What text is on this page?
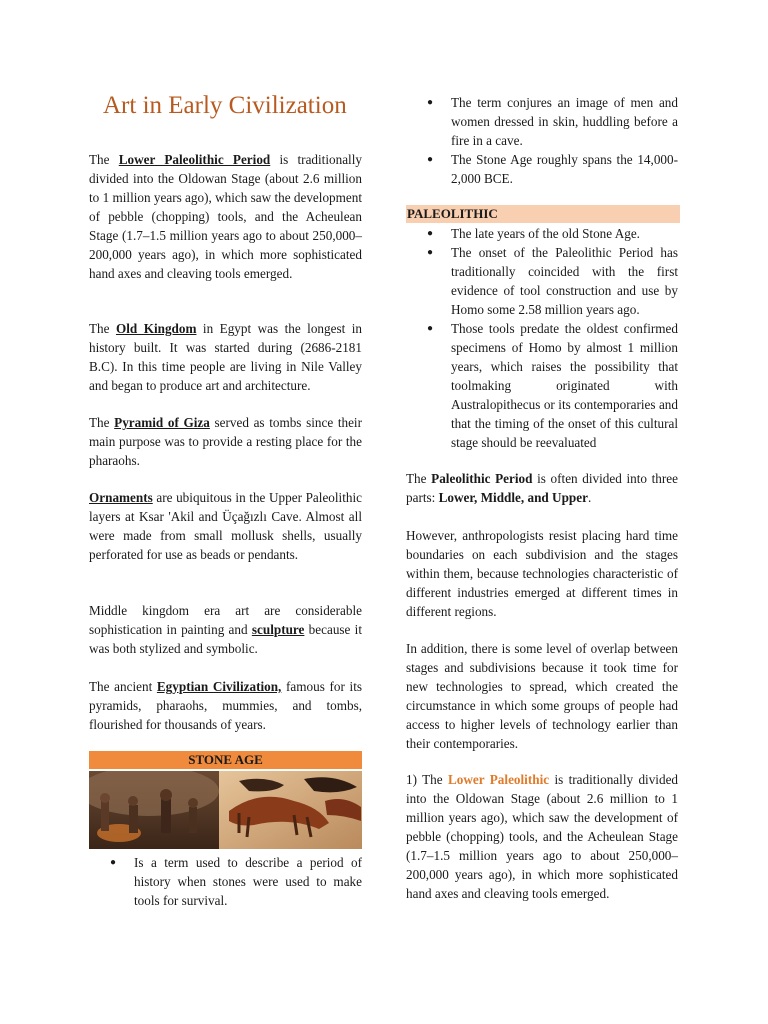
Art in Early Civilization

The Lower Paleolithic Period is traditionally divided into the Oldowan Stage (about 2.6 million to 1 million years ago), which saw the development of pebble (chopping) tools, and the Acheulean Stage (1.7–1.5 million years ago to about 250,000–200,000 years ago), in which more sophisticated hand axes and cleaving tools emerged.

The Old Kingdom in Egypt was the longest in history built. It was started during (2686-2181 B.C). In this time people are living in Nile Valley and began to produce art and architecture.

The Pyramid of Giza served as tombs since their main purpose was to provide a resting place for the pharaohs.

Ornaments are ubiquitous in the Upper Paleolithic layers at Ksar 'Akil and Üçağızlı Cave. Almost all were made from small mollusk shells, usually perforated for use as beads or pendants.

Middle kingdom era art are considerable sophistication in painting and sculpture because it was both stylized and symbolic.

The ancient Egyptian Civilization, famous for its pyramids, pharaohs, mummies, and tombs, flourished for thousands of years.

STONE AGE
● Is a term used to describe a period of history when stones were used to make tools for survival.
● The term conjures an image of men and women dressed in skin, huddling before a fire in a cave.
● The Stone Age roughly spans the 14,000-2,000 BCE.
PALEOLITHIC
● The late years of the old Stone Age.
● The onset of the Paleolithic Period has traditionally coincided with the first evidence of tool construction and use by Homo some 2.58 million years ago.
● Those tools predate the oldest confirmed specimens of Homo by almost 1 million years, which raises the possibility that toolmaking originated with Australopithecus or its contemporaries and that the timing of the onset of this cultural stage should be reevaluated

The Paleolithic Period is often divided into three parts: Lower, Middle, and Upper.

However, anthropologists resist placing hard time boundaries on each subdivision and the stages within them, because technologies characteristic of different industries emerged at different times in different regions.

In addition, there is some level of overlap between stages and subdivisions because it took time for new technologies to spread, which created the circumstance in which some groups of people had access to higher levels of technology earlier than their contemporaries.

1) The Lower Paleolithic is traditionally divided into the Oldowan Stage (about 2.6 million to 1 million years ago), which saw the development of pebble (chopping) tools, and the Acheulean Stage (1.7–1.5 million years ago to about 250,000–200,000 years ago), in which more sophisticated hand axes and cleaving tools emerged.
